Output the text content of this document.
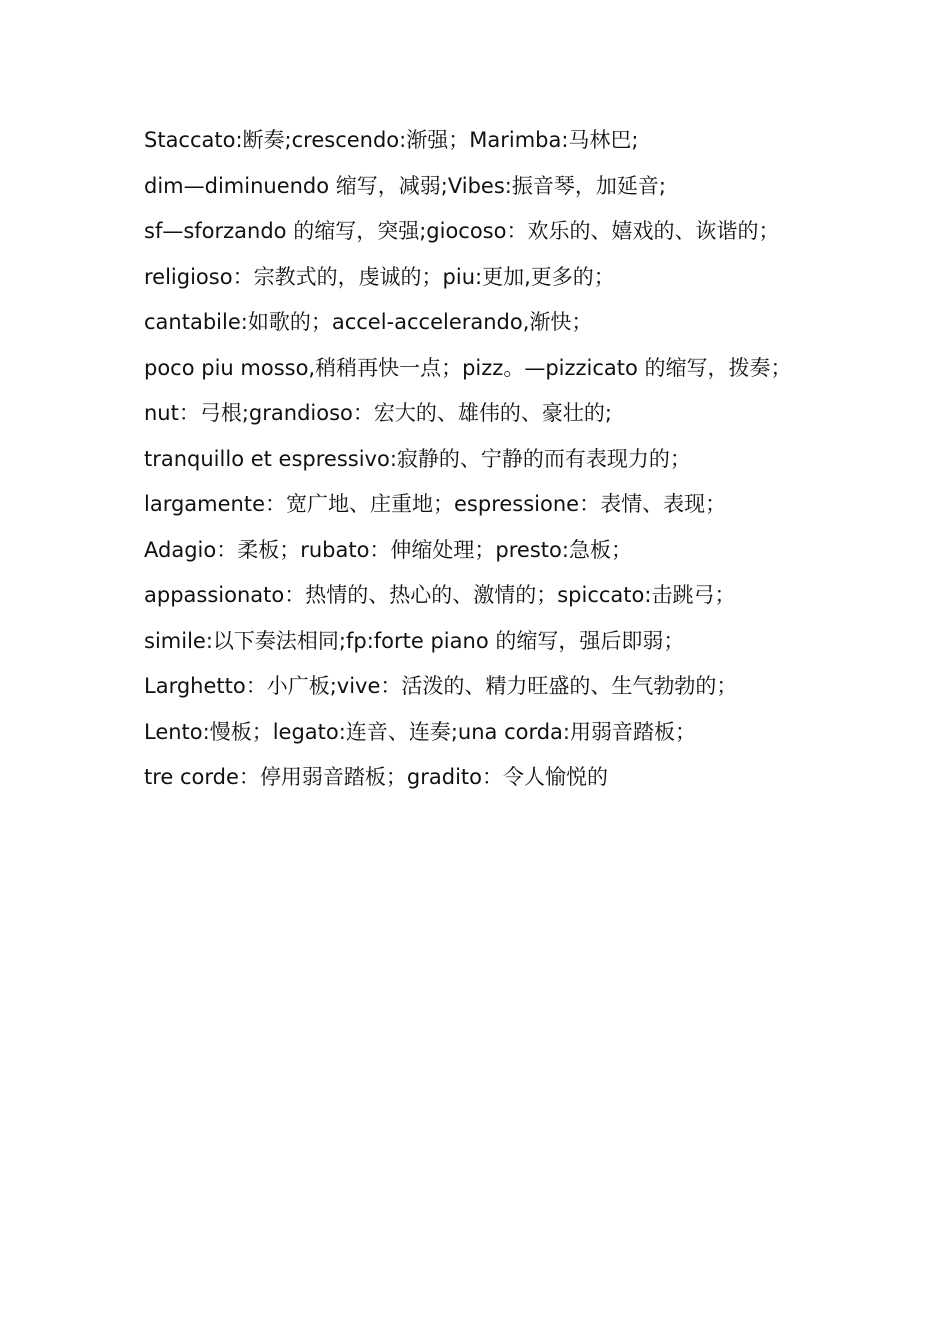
Staccato:断奏;crescendo:渐强；Marimba:马林巴;

dim—diminuendo 缩写，减弱;Vibes:振音琴，加延音;

sf—sforzando 的缩写，突强;giocoso：欢乐的、嬉戏的、诙谐的；

religioso：宗教式的，虔诚的；piu:更加,更多的；

cantabile:如歌的；accel-accelerando,渐快；

poco piu mosso,稍稍再快一点；pizz。—pizzicato 的缩写，拨奏；

nut：弓根;grandioso：宏大的、雄伟的、豪壮的;

tranquillo et espressivo:寂静的、宁静的而有表现力的；

largamente：宽广地、庄重地；espressione：表情、表现；

Adagio：柔板；rubato：伸缩处理；presto:急板；

appassionato：热情的、热心的、激情的；spiccato:击跳弓；

simile:以下奏法相同;fp:forte piano 的缩写，强后即弱；

Larghetto：小广板;vive：活泼的、精力旺盛的、生气勃勃的；

Lento:慢板；legato:连音、连奏;una corda:用弱音踏板；

tre corde：停用弱音踏板；gradito：令人愉悦的
